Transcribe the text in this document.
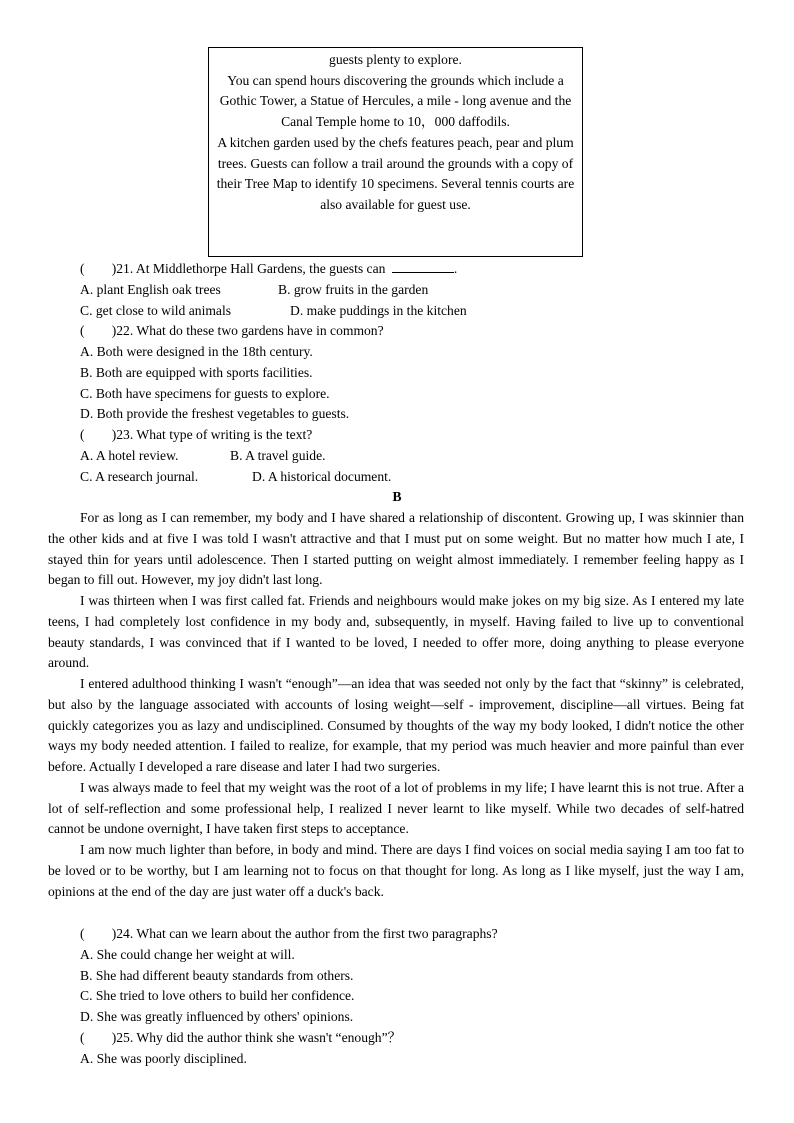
guests plenty to explore.

You can spend hours discovering the grounds which include a Gothic Tower, a Statue of Hercules, a mile - long avenue and the Canal Temple home to 10，000 daffodils.

A kitchen garden used by the chefs features peach, pear and plum trees. Guests can follow a trail around the grounds with a copy of their Tree Map to identify 10 specimens. Several tennis courts are also available for guest use.

(　　)21. At Middlethorpe Hall Gardens, the guests can	.
A. plant English oak trees	B. grow fruits in the garden
C. get close to wild animals	D. make puddings in the kitchen
(　　)22. What do these two gardens have in common?
A. Both were designed in the 18th century.
B. Both are equipped with sports facilities.
C. Both have specimens for guests to explore.
D. Both provide the freshest vegetables to guests.
(　　)23. What type of writing is the text?
A. A hotel review.	B. A travel guide.
C. A research journal.	D. A historical document.
B

For as long as I can remember, my body and I have shared a relationship of discontent. Growing up, I was skinnier than the other kids and at five I was told I wasn't attractive and that I must put on some weight. But no matter how much I ate, I stayed thin for years until adolescence. Then I started putting on weight almost immediately. I remember feeling happy as I began to fill out. However, my joy didn't last long.

I was thirteen when I was first called fat. Friends and neighbours would make jokes on my big size. As I entered my late teens, I had completely lost confidence in my body and, subsequently, in myself. Having failed to live up to conventional beauty standards, I was convinced that if I wanted to be loved, I needed to offer more, doing anything to please everyone around.

I entered adulthood thinking I wasn't “enough”—an idea that was seeded not only by the fact that “skinny” is celebrated, but also by the language associated with accounts of losing weight—self - improvement, discipline—all virtues. Being fat quickly categorizes you as lazy and undisciplined. Consumed by thoughts of the way my body looked, I didn't notice the other ways my body needed attention. I failed to realize, for example, that my period was much heavier and more painful than ever before. Actually I developed a rare disease and later I had two surgeries.

I was always made to feel that my weight was the root of a lot of problems in my life; I have learnt this is not true. After a lot of self-reflection and some professional help, I realized I never learnt to like myself. While two decades of self-hatred cannot be undone overnight, I have taken first steps to acceptance.

I am now much lighter than before, in body and mind. There are days I find voices on social media saying I am too fat to be loved or to be worthy, but I am learning not to focus on that thought for long. As long as I like myself, just the way I am, opinions at the end of the day are just water off a duck's back.

(　　)24. What can we learn about the author from the first two paragraphs?
A. She could change her weight at will.
B. She had different beauty standards from others.
C. She tried to love others to build her confidence.
D. She was greatly influenced by others' opinions.
(　　)25. Why did the author think she wasn't “enough”？
A. She was poorly disciplined.
